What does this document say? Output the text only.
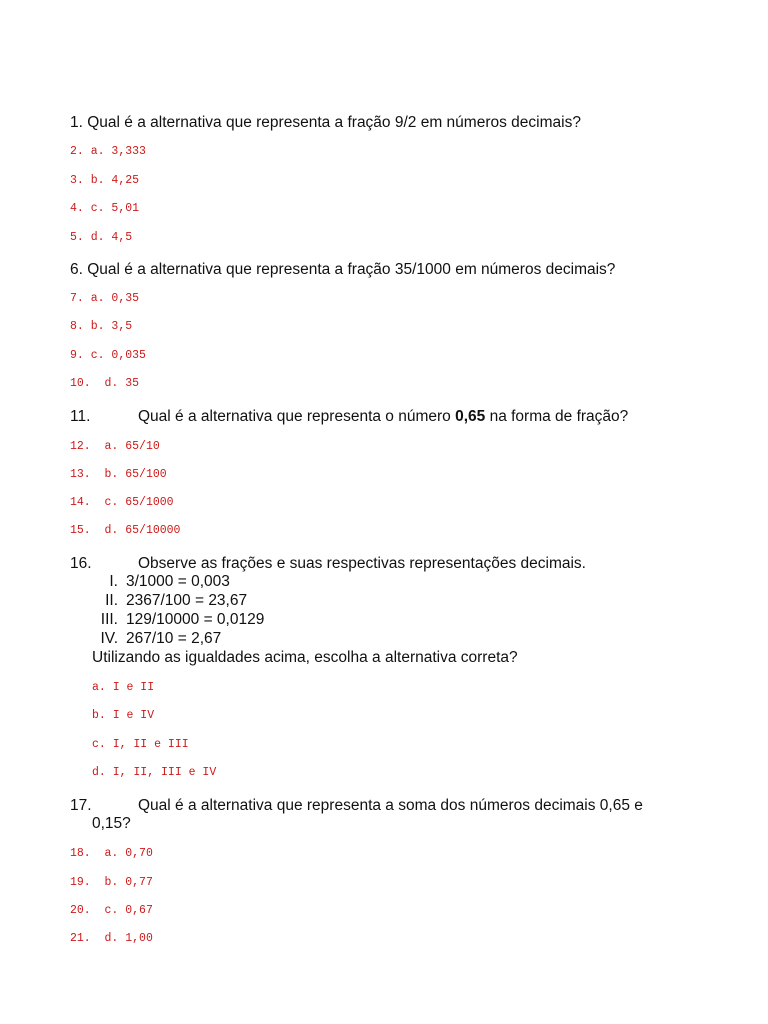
1. Qual é a alternativa que representa a fração 9/2 em números decimais?
2. a. 3,333
3. b. 4,25
4. c. 5,01
5. d. 4,5
6. Qual é a alternativa que representa a fração 35/1000 em números decimais?
7. a. 0,35
8. b. 3,5
9. c. 0,035
10. d. 35
11.	Qual é a alternativa que representa o número 0,65 na forma de fração?
12. a. 65/10
13. b. 65/100
14. c. 65/1000
15. d. 65/10000
16.	Observe as frações e suas respectivas representações decimais.
I. 3/1000 = 0,003
II. 2367/100 = 23,67
III. 129/10000 = 0,0129
IV. 267/10 = 2,67
Utilizando as igualdades acima, escolha a alternativa correta?
a. I e II
b. I e IV
c. I, II e III
d. I, II, III e IV
17.	Qual é a alternativa que representa a soma dos números decimais 0,65 e
0,15?
18. a. 0,70
19. b. 0,77
20. c. 0,67
21. d. 1,00
